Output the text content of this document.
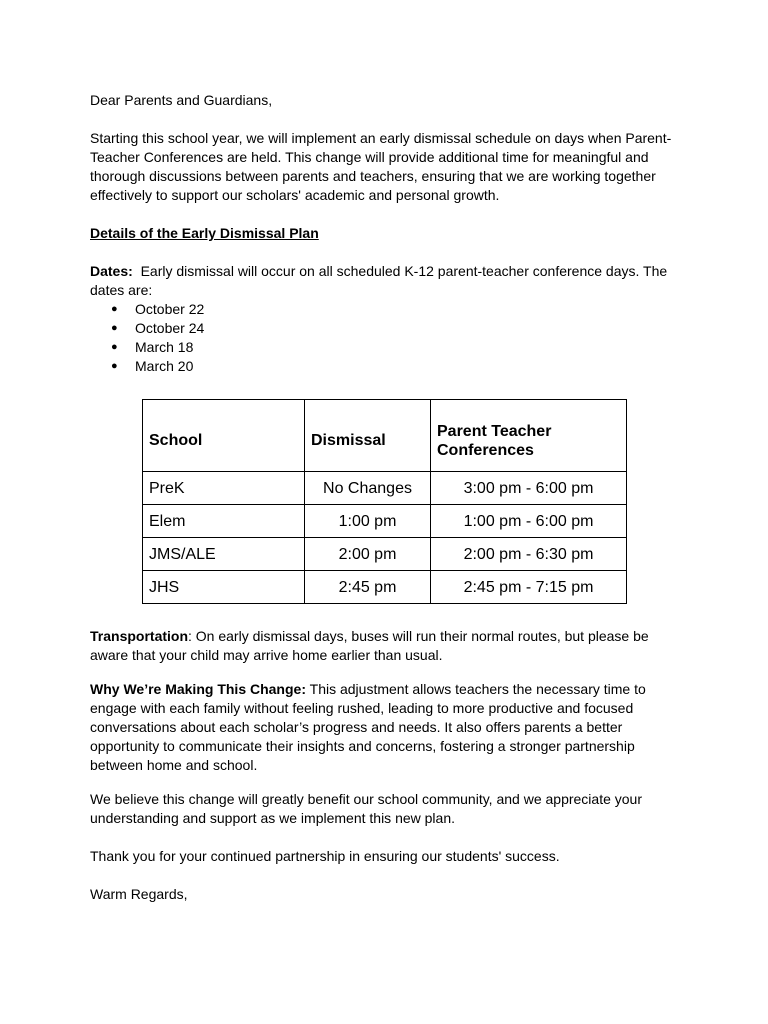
Dear Parents and Guardians,

Starting this school year, we will implement an early dismissal schedule on days when Parent-Teacher Conferences are held. This change will provide additional time for meaningful and thorough discussions between parents and teachers, ensuring that we are working together effectively to support our scholars' academic and personal growth.

Details of the Early Dismissal Plan

Dates:  Early dismissal will occur on all scheduled K-12 parent-teacher conference days. The dates are:

● October 22
● October 24
● March 18
● March 20
School	Dismissal	Parent Teacher Conferences
PreK	No Changes	3:00 pm - 6:00 pm
Elem	1:00 pm	1:00 pm - 6:00 pm
JMS/ALE	2:00 pm	2:00 pm - 6:30 pm
JHS	2:45 pm	2:45 pm - 7:15 pm

Transportation: On early dismissal days, buses will run their normal routes, but please be aware that your child may arrive home earlier than usual.

Why We’re Making This Change: This adjustment allows teachers the necessary time to engage with each family without feeling rushed, leading to more productive and focused conversations about each scholar’s progress and needs. It also offers parents a better opportunity to communicate their insights and concerns, fostering a stronger partnership between home and school.

We believe this change will greatly benefit our school community, and we appreciate your understanding and support as we implement this new plan.

Thank you for your continued partnership in ensuring our students' success.

Warm Regards,
